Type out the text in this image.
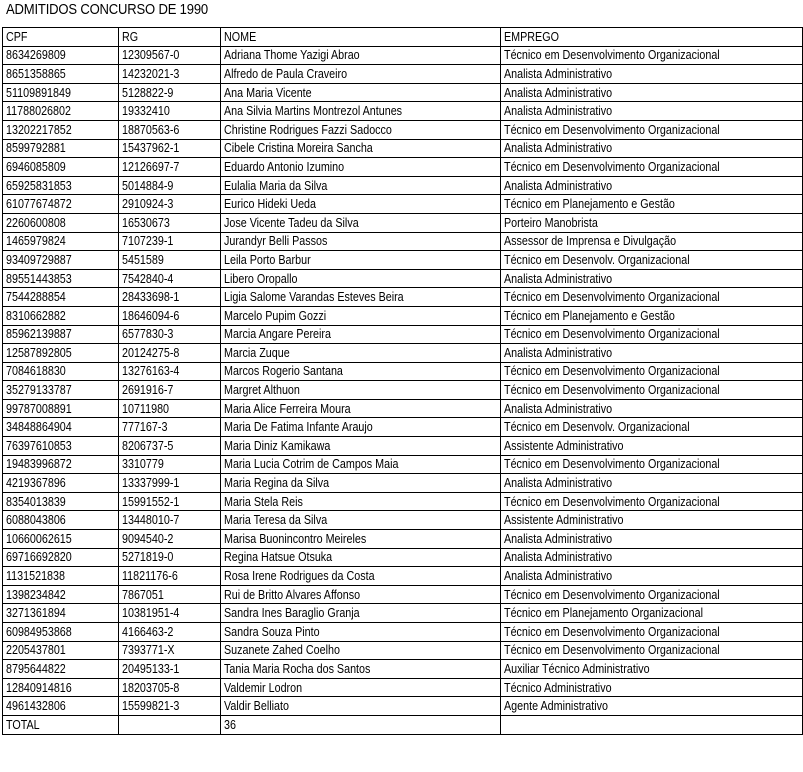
ADMITIDOS CONCURSO DE 1990
CPF	RG	NOME	EMPREGO
8634269809	12309567-0	Adriana Thome Yazigi Abrao	Técnico em Desenvolvimento Organizacional
8651358865	14232021-3	Alfredo de Paula Craveiro	Analista Administrativo
51109891849	5128822-9	Ana Maria Vicente	Analista Administrativo
11788026802	19332410	Ana Silvia Martins Montrezol Antunes	Analista Administrativo
13202217852	18870563-6	Christine Rodrigues Fazzi Sadocco	Técnico em Desenvolvimento Organizacional
8599792881	15437962-1	Cibele Cristina Moreira Sancha	Analista Administrativo
6946085809	12126697-7	Eduardo Antonio Izumino	Técnico em Desenvolvimento Organizacional
65925831853	5014884-9	Eulalia Maria da Silva	Analista Administrativo
61077674872	2910924-3	Eurico Hideki Ueda	Técnico em Planejamento e Gestão
2260600808	16530673	Jose Vicente Tadeu da Silva	Porteiro Manobrista
1465979824	7107239-1	Jurandyr Belli Passos	Assessor de Imprensa e Divulgação
93409729887	5451589	Leila Porto Barbur	Técnico em Desenvolv. Organizacional
89551443853	7542840-4	Libero Oropallo	Analista Administrativo
7544288854	28433698-1	Ligia Salome Varandas Esteves Beira	Técnico em Desenvolvimento Organizacional
8310662882	18646094-6	Marcelo Pupim Gozzi	Técnico em Planejamento e Gestão
85962139887	6577830-3	Marcia Angare Pereira	Técnico em Desenvolvimento Organizacional
12587892805	20124275-8	Marcia Zuque	Analista Administrativo
7084618830	13276163-4	Marcos Rogerio Santana	Técnico em Desenvolvimento Organizacional
35279133787	2691916-7	Margret Althuon	Técnico em Desenvolvimento Organizacional
99787008891	10711980	Maria Alice Ferreira Moura	Analista Administrativo
34848864904	777167-3	Maria De Fatima Infante Araujo	Técnico em Desenvolv. Organizacional
76397610853	8206737-5	Maria Diniz Kamikawa	Assistente Administrativo
19483996872	3310779	Maria Lucia Cotrim de Campos Maia	Técnico em Desenvolvimento Organizacional
4219367896	13337999-1	Maria Regina da Silva	Analista Administrativo
8354013839	15991552-1	Maria Stela Reis	Técnico em Desenvolvimento Organizacional
6088043806	13448010-7	Maria Teresa da Silva	Assistente Administrativo
10660062615	9094540-2	Marisa Buonincontro Meireles	Analista Administrativo
69716692820	5271819-0	Regina Hatsue Otsuka	Analista Administrativo
1131521838	11821176-6	Rosa Irene Rodrigues da Costa	Analista Administrativo
1398234842	7867051	Rui de Britto Alvares Affonso	Técnico em Desenvolvimento Organizacional
3271361894	10381951-4	Sandra Ines Baraglio Granja	Técnico em Planejamento Organizacional
60984953868	4166463-2	Sandra Souza Pinto	Técnico em Desenvolvimento Organizacional
2205437801	7393771-X	Suzanete Zahed Coelho	Técnico em Desenvolvimento Organizacional
8795644822	20495133-1	Tania Maria Rocha dos Santos	Auxiliar Técnico Administrativo
12840914816	18203705-8	Valdemir Lodron	Técnico Administrativo
4961432806	15599821-3	Valdir Belliato	Agente Administrativo
TOTAL		36	
